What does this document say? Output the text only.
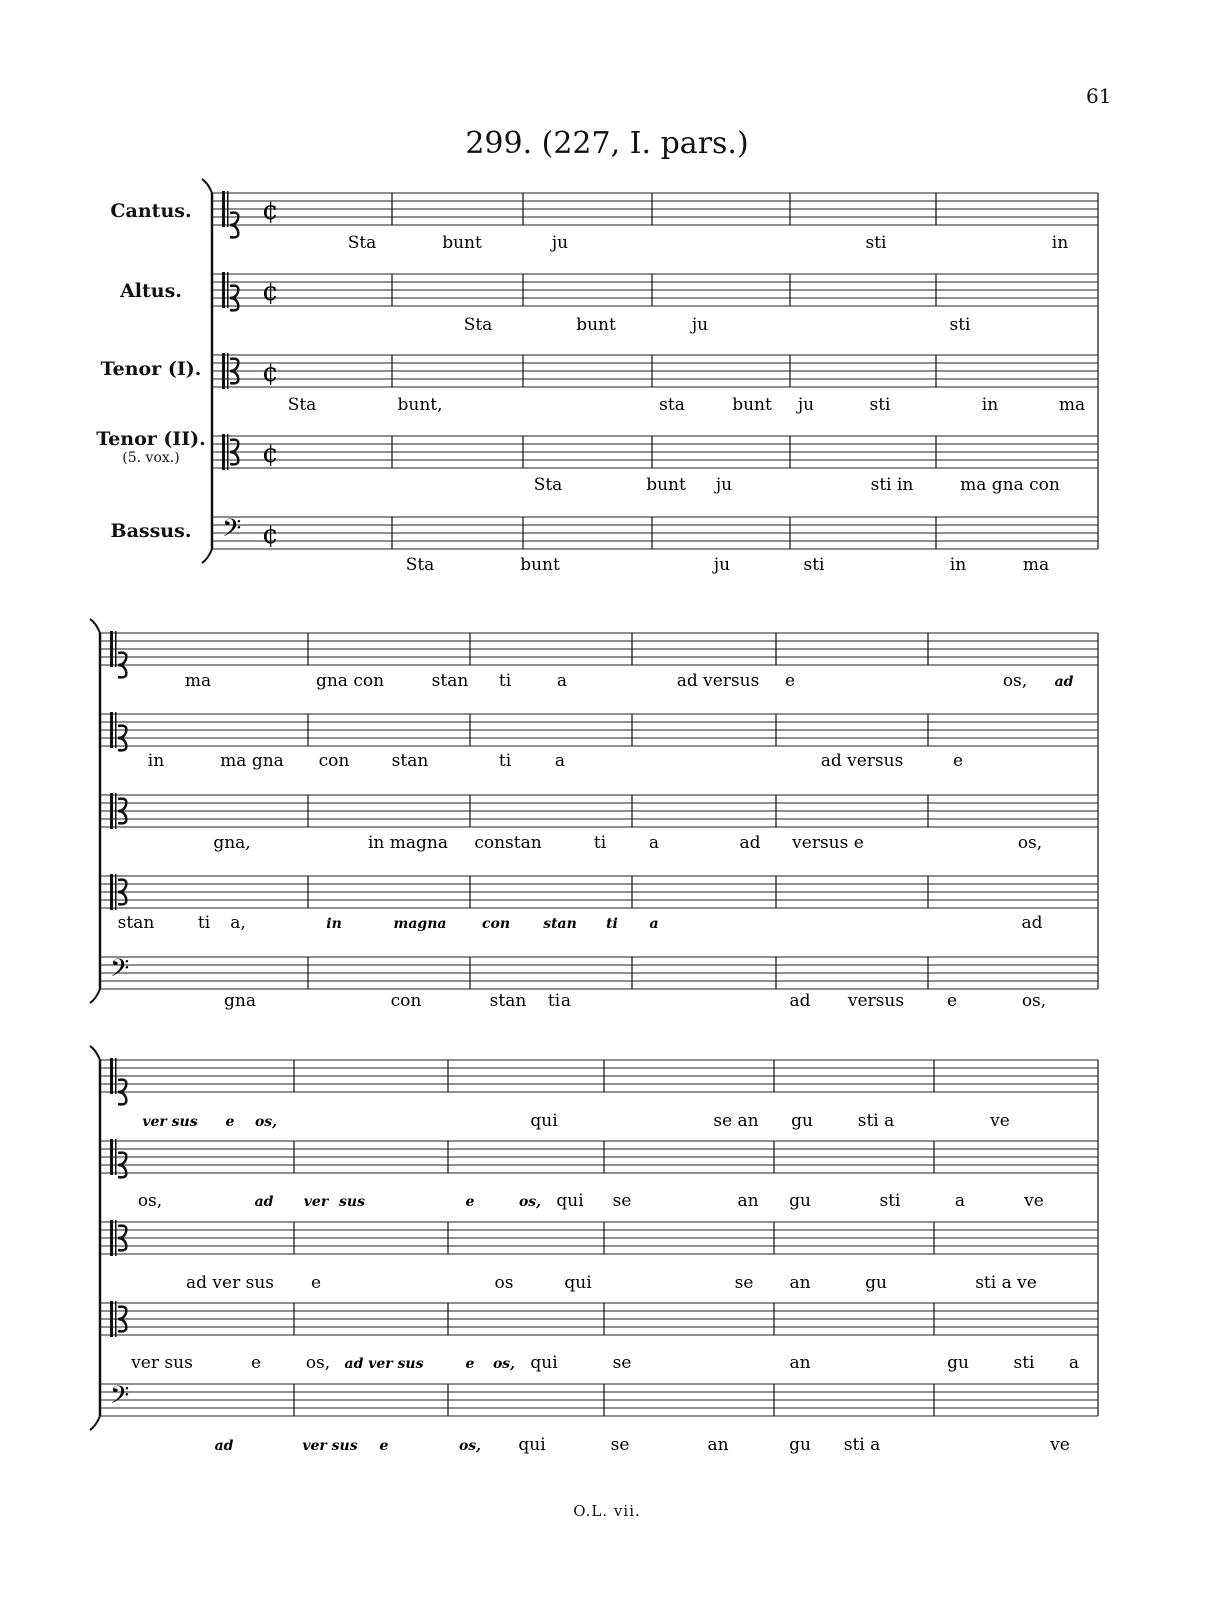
61
299. (227, I. pars.)
Cantus.
Altus.
Tenor (I).
Tenor (II).
(5. vox.)
Bassus.
¢
Sta	bunt	ju	sti	in
¢
Sta	bunt	ju	sti
¢
Sta	bunt,	sta	bunt ju	sti	in	ma
¢
Sta	bunt ju	sti in	ma gna con
𝄢 ¢
Sta	bunt	ju	sti	in	ma
ma	gna con	stan ti	a	ad versus e	os, ad
in	ma gna con stan	ti	a	ad versus	e
gna,	in magna constan	ti	a	ad versus e	os,
stan	ti a,	in	magna	con stan ti a	ad
𝄢
gna	con	stan ti a	ad versus	e	os,
ver sus e os,	qui	se an gu	sti a	ve
os,	ad ver sus	e	os, qui se	an gu	sti	a	ve
ad ver sus e	os	qui	se an	gu	sti a ve
ver sus	e	os, ad ver sus	e os, qui	se	an	gu	sti a
𝄢
ad	ver sus e	os, qui	se	an	gu sti a	ve
O.L. vii.
